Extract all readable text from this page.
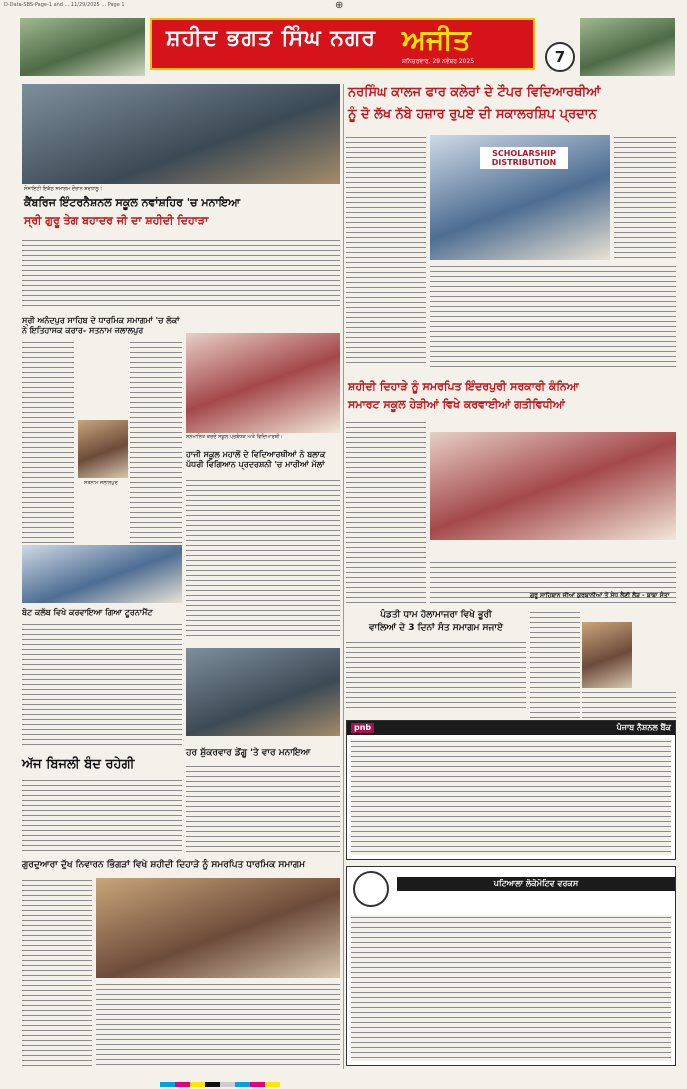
D-Data-SBS-Page-1 and ... 11/29/2025 ... Page 1	⊕
ਸ਼ਹੀਦ ਭਗਤ ਸਿੰਘ ਨਗਰ ਅਜੀਤ
ਸ਼ਨਿਚਰਵਾਰ, 29 ਨਵੰਬਰ 2025	7
ਸੋਸਾਇਟੀ ਇਕੱਠ ਸਮਾਗਮ ਦੌਰਾਨ ਸ਼ਰਧਾਲੂ।
ਕੈਂਬਰਿਜ ਇੰਟਰਨੈਸ਼ਨਲ ਸਕੂਲ ਨਵਾਂਸ਼ਹਿਰ 'ਚ ਮਨਾਇਆ
ਸ੍ਰੀ ਗੁਰੂ ਤੇਗ ਬਹਾਦਰ ਜੀ ਦਾ ਸ਼ਹੀਦੀ ਦਿਹਾੜਾ
ਸ੍ਰੀ ਅਨੰਦਪੁਰ ਸਾਹਿਬ ਦੇ ਧਾਰਮਿਕ ਸਮਾਗਮਾਂ 'ਚ ਲੋਕਾਂ ਨੇ ਇਤਿਹਾਸਕ ਕਰਾਰ- ਸਤਨਾਮ ਜਲਾਲਪੁਰ
ਸਤਨਾਮ ਜਲਾਲਪੁਰ
ਸਨਮਾਨਿਤ ਕਰਦੇ ਸਕੂਲ ਪ੍ਰਬੰਧਕ ਅਤੇ ਵਿਦਿਆਰਥੀ।
ਹਾਜੀ ਸਕੂਲ ਮਹਾਲੋਂ ਦੇ ਵਿਦਿਆਰਥੀਆਂ ਨੇ ਬਲਾਕ ਪੱਧਰੀ ਵਿਗਿਆਨ ਪ੍ਰਦਰਸ਼ਨੀ 'ਚ ਮਾਰੀਆਂ ਮੱਲਾਂ
ਬੋਟ ਕਲੱਬ ਵਿਖੇ ਕਰਵਾਇਆ ਗਿਆ ਟੂਰਨਾਮੈਂਟ
ਹਰ ਸ਼ੁੱਕਰਵਾਰ ਡੇਂਗੂ 'ਤੇ ਵਾਰ ਮਨਾਇਆ
ਅੱਜ ਬਿਜਲੀ ਬੰਦ ਰਹੇਗੀ
ਗੁਰਦੁਆਰਾ ਦੁੱਖ ਨਿਵਾਰਨ ਭਿੰਗੜਾਂ ਵਿਖੇ ਸ਼ਹੀਦੀ ਦਿਹਾੜੇ ਨੂੰ ਸਮਰਪਿਤ ਧਾਰਮਿਕ ਸਮਾਗਮ
ਨਰਸਿੰਘ ਕਾਲਜ ਫਾਰ ਕਲੇਰਾਂ ਦੇ ਟੌਪਰ ਵਿਦਿਆਰਥੀਆਂ
ਨੂੰ ਦੋ ਲੱਖ ਨੱਬੇ ਹਜ਼ਾਰ ਰੁਪਏ ਦੀ ਸਕਾਲਰਸ਼ਿਪ ਪ੍ਰਦਾਨ
SCHOLARSHIP DISTRIBUTION
ਸ਼ਹੀਦੀ ਦਿਹਾੜੇ ਨੂੰ ਸਮਰਪਿਤ ਇੰਦਰਪੁਰੀ ਸਰਕਾਰੀ ਕੰਨਿਆ
ਸਮਾਰਟ ਸਕੂਲ ਹੇੜੀਆਂ ਵਿਖੇ ਕਰਵਾਈਆਂ ਗਤੀਵਿਧੀਆਂ
ਪੰਡਤੀ ਧਾਮ ਹੋਲਾਮਾਜਰਾ ਵਿਖੇ ਭੂਰੀ
ਵਾਲਿਆਂ ਦੇ 3 ਦਿਨਾਂ ਸੰਤ ਸਮਾਗਮ ਸਜਾਏ
ਗੁਰੂ ਸਾਹਿਬਾਨ ਜੀਆਂ ਕੁਰਬਾਨੀਆਂ ਤੋਂ ਸੇਧ ਲੈਣੀ ਲੋੜ - ਬਾਬਾ ਸੰਤਾ
pnb	ਪੰਜਾਬ ਨੈਸ਼ਨਲ ਬੈਂਕ
ਪਟਿਆਲਾ ਲੋਕੋਮੋਟਿਵ ਵਰਕਸ
